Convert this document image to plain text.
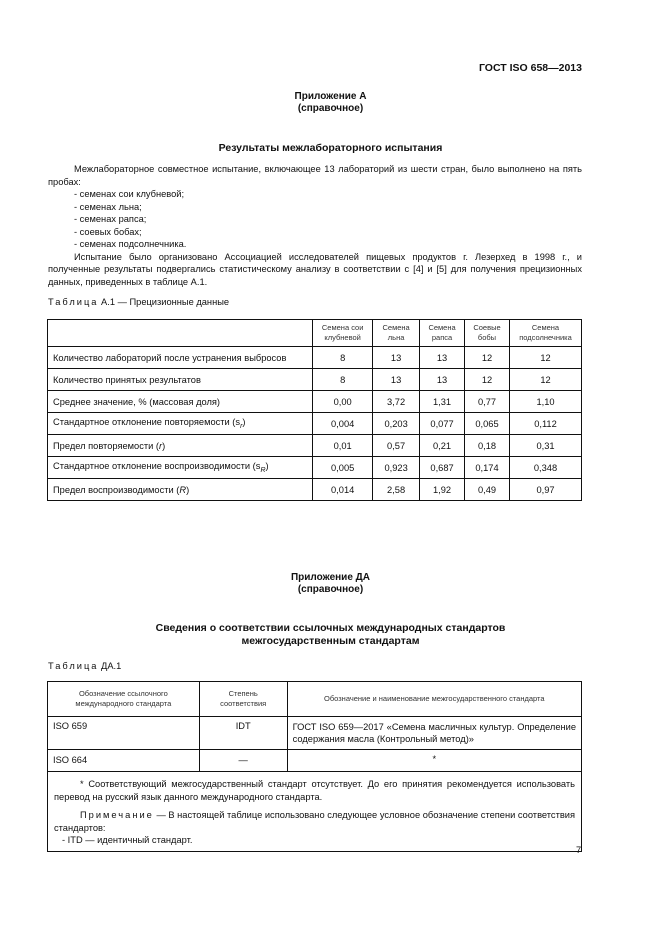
ГОСТ ISO 658—2013
Приложение А
(справочное)
Результаты межлабораторного испытания

Межлабораторное совместное испытание, включающее 13 лабораторий из шести стран, было выполнено на пять пробах:

- семенах сои клубневой;

- семенах льна;

- семенах рапса;

- соевых бобах;

- семенах подсолнечника.

Испытание было организовано Ассоциацией исследователей пищевых продуктов г. Лезерхед в 1998 г., и полученные результаты подвергались статистическому анализу в соответствии с [4] и [5] для получения прецизионных данных, приведенных в таблице А.1.

Таблица А.1 — Прецизионные данные
	Семена сои клубневой	Семена льна	Семена рапса	Соевые бобы	Семена подсолнечника
Количество лабораторий после устранения выбросов	8	13	13	12	12
Количество принятых результатов	8	13	13	12	12
Среднее значение, % (массовая доля)	0,00	3,72	1,31	0,77	1,10
Стандартное отклонение повторяемости $(s_r)$	0,004	0,203	0,077	0,065	0,112
Предел повторяемости (r)	0,01	0,57	0,21	0,18	0,31
Стандартное отклонение воспроизводимости $(s_R)$	0,005	0,923	0,687	0,174	0,348
Предел воспроизводимости (R)	0,014	2,58	1,92	0,49	0,97
Приложение ДА
(справочное)
Сведения о соответствии ссылочных международных стандартов
межгосударственным стандартам
Таблица ДА.1
Обозначение ссылочного международного стандарта	Степень соответствия	Обозначение и наименование межгосударственного стандарта
ISO 659	IDT	ГОСТ ISO 659—2017 «Семена масличных культур. Определение содержания масла (Контрольный метод)»
ISO 664	—	*

* Соответствующий межгосударственный стандарт отсутствует. До его принятия рекомендуется использовать перевод на русский язык данного международного стандарта.

Примечание — В настоящей таблице использовано следующее условное обозначение степени соответствия стандартов:

- ITD — идентичный стандарт.		

7
